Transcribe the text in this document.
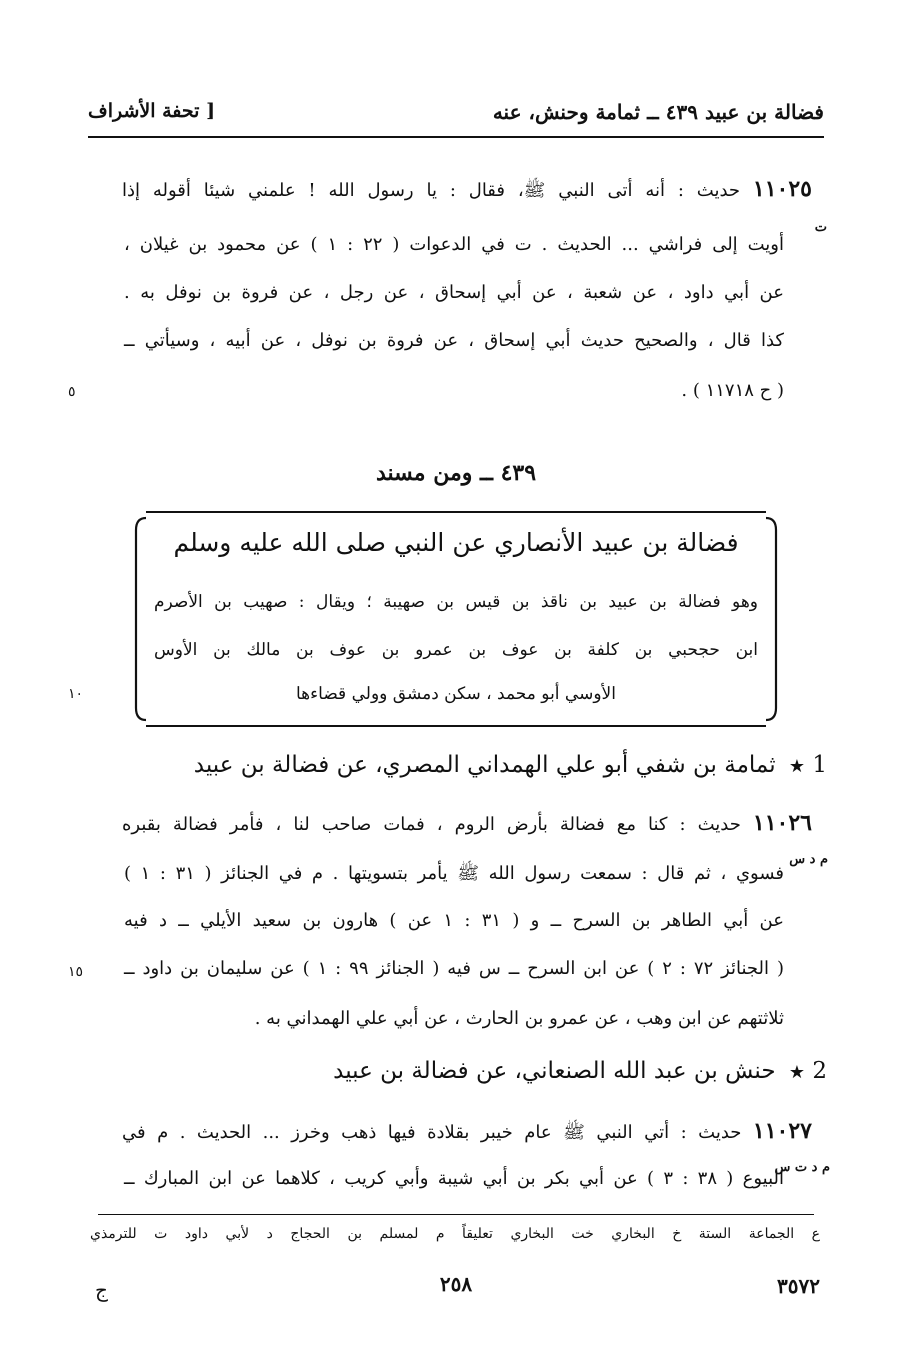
فضالة بن عبيد ٤٣٩ ــ ثمامة وحنش، عنه
[ تحفة الأشراف
١١٠٢٥ حديث : أنه أتى النبي ﷺ، فقال : يا رسول الله ! علمني شيئا أقوله إذا
ت
أويت إلى فراشي ... الحديث . ت في الدعوات ( ٢٢ : ١ ) عن محمود بن غيلان ،
عن أبي داود ، عن شعبة ، عن أبي إسحاق ، عن رجل ، عن فروة بن نوفل به .
كذا قال ، والصحيح حديث أبي إسحاق ، عن فروة بن نوفل ، عن أبيه ، وسيأتي ــ
( ح ١١٧١٨ ) .
٥
٤٣٩ ــ ومن مسند
فضالة بن عبيد الأنصاري عن النبي صلى الله عليه وسلم
وهو فضالة بن عبيد بن ناقذ بن قيس بن صهيبة ؛ ويقال : صهيب بن الأصرم
ابن حجحبي بن كلفة بن عوف بن عمرو بن عوف بن مالك بن الأوس
الأوسي أبو محمد ، سكن دمشق وولي قضاءها
١٠
1 ★ ثمامة بن شفي أبو علي الهمداني المصري، عن فضالة بن عبيد
١١٠٢٦ حديث : كنا مع فضالة بأرض الروم ، فمات صاحب لنا ، فأمر فضالة بقبره
م د س
فسوي ، ثم قال : سمعت رسول الله ﷺ يأمر بتسويتها . م في الجنائز ( ٣١ : ١ )
عن أبي الطاهر بن السرح ــ و ( ٣١ : ١ عن ) هارون بن سعيد الأيلي ــ د فيه
( الجنائز ٧٢ : ٢ ) عن ابن السرح ــ س فيه ( الجنائز ٩٩ : ١ ) عن سليمان بن داود ــ
١٥
ثلاثتهم عن ابن وهب ، عن عمرو بن الحارث ، عن أبي علي الهمداني به .
2 ★ حنش بن عبد الله الصنعاني، عن فضالة بن عبيد
١١٠٢٧ حديث : أتي النبي ﷺ عام خيبر بقلادة فيها ذهب وخرز ... الحديث . م في
م د ت س
البيوع ( ٣٨ : ٣ ) عن أبي بكر بن أبي شيبة وأبي كريب ، كلاهما عن ابن المبارك ــ
ع الجماعة الستة خ البخاري خت البخاري تعليقاً م لمسلم بن الحجاج د لأبي داود ت للترمذي
٢٥٨	٣٥٧٢
ج
